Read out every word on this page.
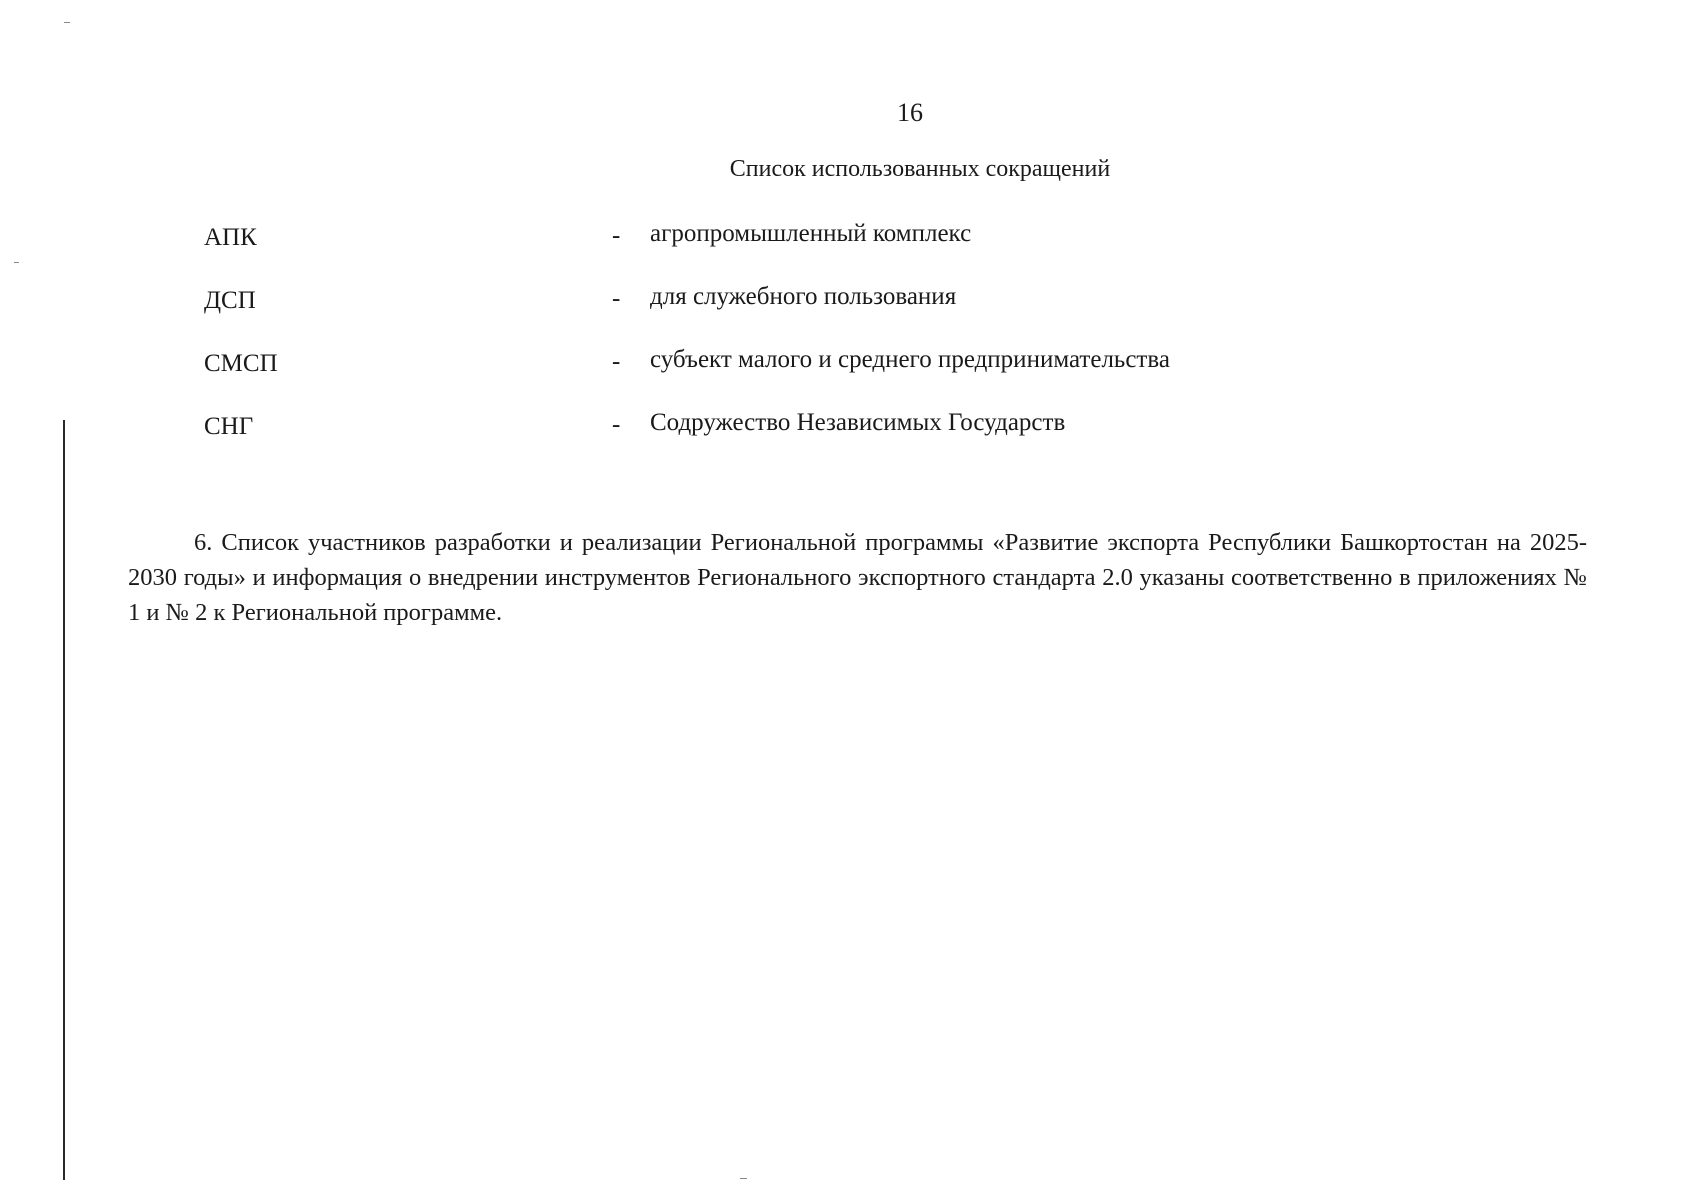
16
Список использованных сокращений
АПК	- агропромышленный комплекс
ДСП	- для служебного пользования
СМСП	- субъект малого и среднего предпринимательства
СНГ	- Содружество Независимых Государств

6. Список участников разработки и реализации Региональной программы «Развитие экспорта Республики Башкортостан на 2025-2030 годы» и информация о внедрении инструментов Регионального экспортного стандарта 2.0 указаны соответственно в приложениях № 1 и № 2 к Региональной программе.
